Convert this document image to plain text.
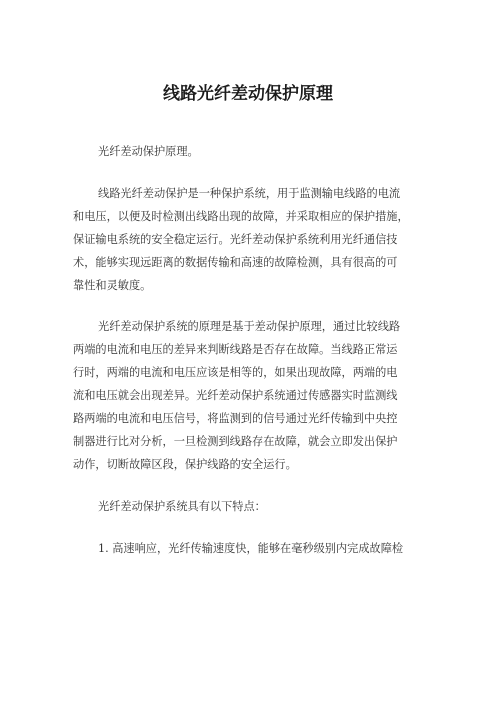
线路光纤差动保护原理

光纤差动保护原理。

线路光纤差动保护是一种保护系统，用于监测输电线路的电流

和电压，以便及时检测出线路出现的故障，并采取相应的保护措施，

保证输电系统的安全稳定运行。光纤差动保护系统利用光纤通信技

术，能够实现远距离的数据传输和高速的故障检测，具有很高的可

靠性和灵敏度。

光纤差动保护系统的原理是基于差动保护原理，通过比较线路

两端的电流和电压的差异来判断线路是否存在故障。当线路正常运

行时，两端的电流和电压应该是相等的，如果出现故障，两端的电

流和电压就会出现差异。光纤差动保护系统通过传感器实时监测线

路两端的电流和电压信号，将监测到的信号通过光纤传输到中央控

制器进行比对分析，一旦检测到线路存在故障，就会立即发出保护

动作，切断故障区段，保护线路的安全运行。

光纤差动保护系统具有以下特点：

1. 高速响应，光纤传输速度快，能够在毫秒级别内完成故障检
